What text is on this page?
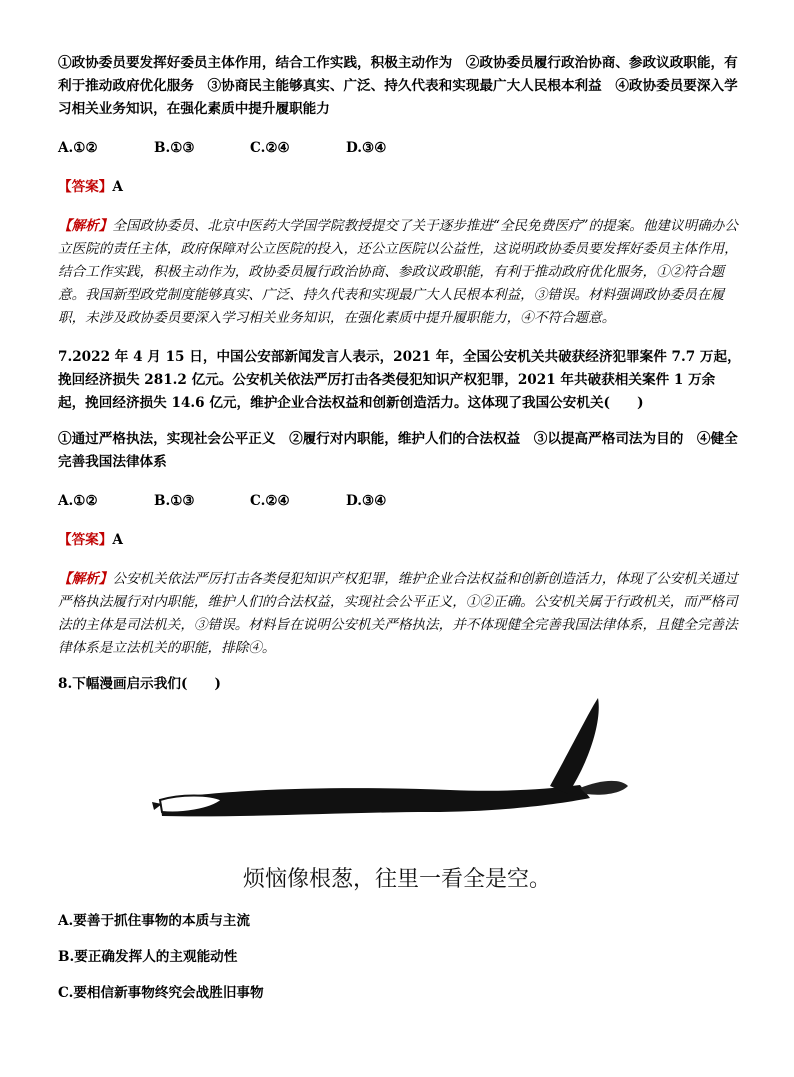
①政协委员要发挥好委员主体作用，结合工作实践，积极主动作为　②政协委员履行政治协商、参政议政职能，有利于推动政府优化服务　③协商民主能够真实、广泛、持久代表和实现最广大人民根本利益　④政协委员要深入学习相关业务知识，在强化素质中提升履职能力

A.①②	B.①③	C.②④	D.③④

【答案】A

【解析】全国政协委员、北京中医药大学国学院教授提交了关于逐步推进“全民免费医疗”的提案。他建议明确办公立医院的责任主体，政府保障对公立医院的投入，还公立医院以公益性，这说明政协委员要发挥好委员主体作用，结合工作实践，积极主动作为，政协委员履行政治协商、参政议政职能，有利于推动政府优化服务，①②符合题意。我国新型政党制度能够真实、广泛、持久代表和实现最广大人民根本利益，③错误。材料强调政协委员在履职，未涉及政协委员要深入学习相关业务知识，在强化素质中提升履职能力，④不符合题意。

7.2022 年 4 月 15 日，中国公安部新闻发言人表示，2021 年，全国公安机关共破获经济犯罪案件 7.7 万起，挽回经济损失 281.2 亿元。公安机关依法严厉打击各类侵犯知识产权犯罪，2021 年共破获相关案件 1 万余起，挽回经济损失 14.6 亿元，维护企业合法权益和创新创造活力。这体现了我国公安机关(　　)

①通过严格执法，实现社会公平正义　②履行对内职能，维护人们的合法权益　③以提高严格司法为目的　④健全完善我国法律体系

A.①②	B.①③	C.②④	D.③④

【答案】A

【解析】公安机关依法严厉打击各类侵犯知识产权犯罪，维护企业合法权益和创新创造活力，体现了公安机关通过严格执法履行对内职能，维护人们的合法权益，实现社会公平正义，①②正确。公安机关属于行政机关，而严格司法的主体是司法机关，③错误。材料旨在说明公安机关严格执法，并不体现健全完善我国法律体系，且健全完善法律体系是立法机关的职能，排除④。

8.下幅漫画启示我们(　　)

烦恼像根葱，往里一看全是空。

A.要善于抓住事物的本质与主流

B.要正确发挥人的主观能动性

C.要相信新事物终究会战胜旧事物
